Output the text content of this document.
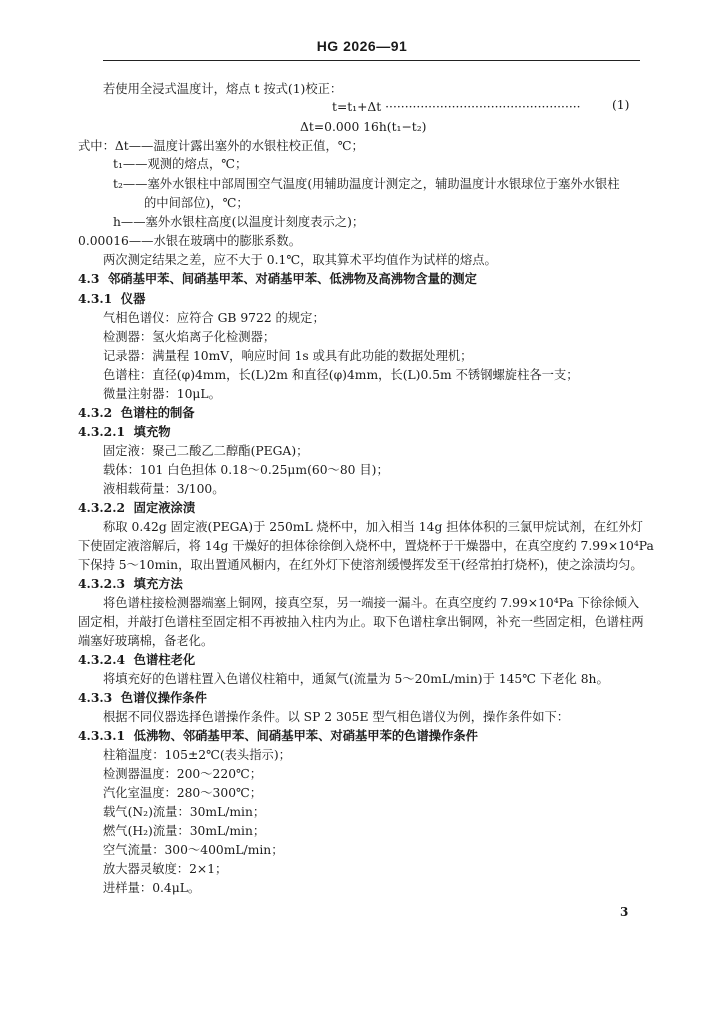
HG 2026—91
若使用全浸式温度计，熔点 t 按式(1)校正：
t=t₁+Δt ··················································	(1)
Δt=0.000 16h(t₁−t₂)
式中：Δt——温度计露出塞外的水银柱校正值，℃；
t₁——观测的熔点，℃；
t₂——塞外水银柱中部周围空气温度(用辅助温度计测定之，辅助温度计水银球位于塞外水银柱
的中间部位)，℃；
h——塞外水银柱高度(以温度计刻度表示之)；
0.00016——水银在玻璃中的膨胀系数。
两次测定结果之差，应不大于 0.1℃，取其算术平均值作为试样的熔点。
4.3 邻硝基甲苯、间硝基甲苯、对硝基甲苯、低沸物及高沸物含量的测定
4.3.1 仪器
气相色谱仪：应符合 GB 9722 的规定；
检测器：氢火焰离子化检测器；
记录器：满量程 10mV，响应时间 1s 或具有此功能的数据处理机；
色谱柱：直径(φ)4mm，长(L)2m 和直径(φ)4mm，长(L)0.5m 不锈钢螺旋柱各一支；
微量注射器：10μL。
4.3.2 色谱柱的制备
4.3.2.1 填充物
固定液：聚己二酸乙二醇酯(PEGA)；
载体：101 白色担体 0.18～0.25μm(60～80 目)；
液相载荷量：3/100。
4.3.2.2 固定液涂渍
称取 0.42g 固定液(PEGA)于 250mL 烧杯中，加入相当 14g 担体体积的三氯甲烷试剂，在红外灯
下使固定液溶解后，将 14g 干燥好的担体徐徐倒入烧杯中，置烧杯于干燥器中，在真空度约 7.99×10⁴Pa
下保持 5～10min，取出置通风橱内，在红外灯下使溶剂缓慢挥发至干(经常拍打烧杯)，使之涂渍均匀。
4.3.2.3 填充方法
将色谱柱接检测器端塞上铜网，接真空泵，另一端接一漏斗。在真空度约 7.99×10⁴Pa 下徐徐倾入
固定相，并敲打色谱柱至固定相不再被抽入柱内为止。取下色谱柱拿出铜网，补充一些固定相，色谱柱两
端塞好玻璃棉，备老化。
4.3.2.4 色谱柱老化
将填充好的色谱柱置入色谱仪柱箱中，通氮气(流量为 5～20mL/min)于 145℃ 下老化 8h。
4.3.3 色谱仪操作条件
根据不同仪器选择色谱操作条件。以 SP 2 305E 型气相色谱仪为例，操作条件如下：
4.3.3.1 低沸物、邻硝基甲苯、间硝基甲苯、对硝基甲苯的色谱操作条件
柱箱温度：105±2℃(表头指示)；
检测器温度：200～220℃；
汽化室温度：280～300℃；
载气(N₂)流量：30mL/min；
燃气(H₂)流量：30mL/min；
空气流量：300～400mL/min；
放大器灵敏度：2×1；
进样量：0.4μL。
3
